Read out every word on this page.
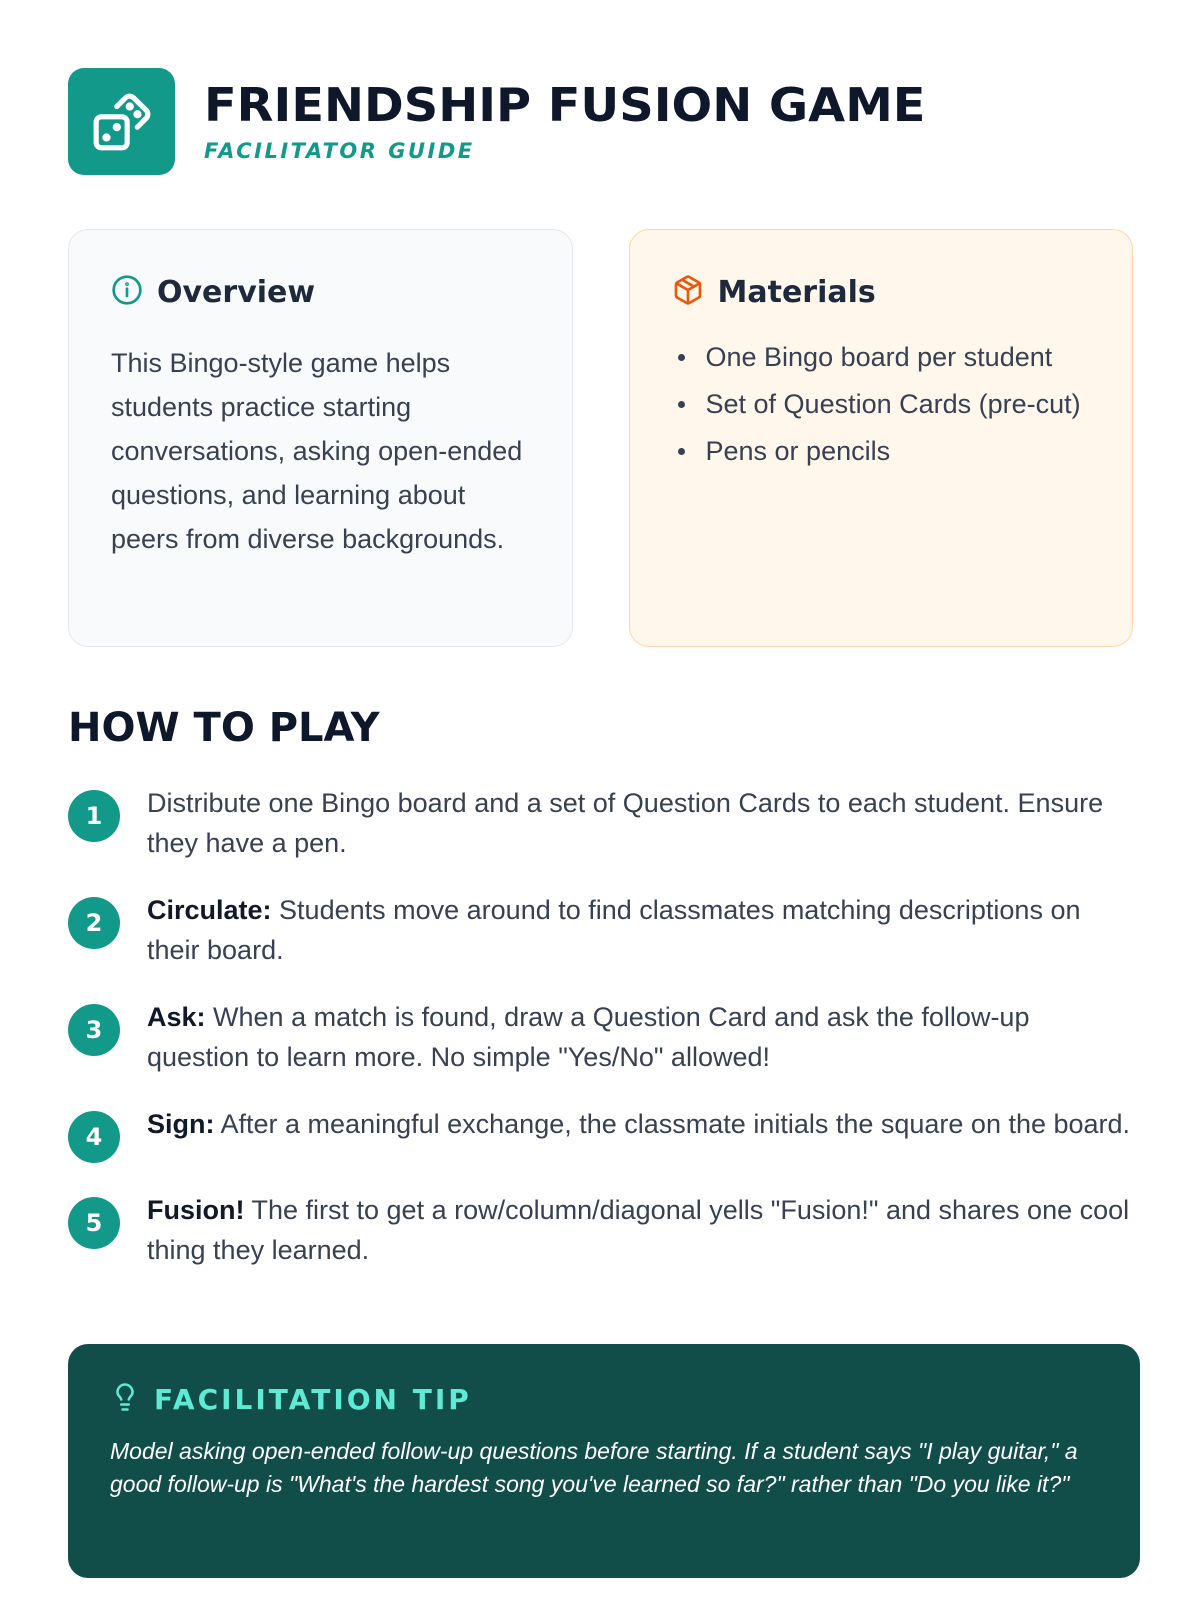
FRIENDSHIP FUSION GAME
FACILITATOR GUIDE
Overview

This Bingo-style game helps students practice starting conversations, asking open-ended questions, and learning about peers from diverse backgrounds.

Materials
One Bingo board per student
Set of Question Cards (pre-cut)
Pens or pencils
HOW TO PLAY
1	Distribute one Bingo board and a set of Question Cards to each student. Ensure they have a pen.
2	Circulate: Students move around to find classmates matching descriptions on their board.
3	Ask: When a match is found, draw a Question Card and ask the follow-up question to learn more. No simple "Yes/No" allowed!
4	Sign: After a meaningful exchange, the classmate initials the square on the board.
5	Fusion! The first to get a row/column/diagonal yells "Fusion!" and shares one cool thing they learned.
FACILITATION TIP

Model asking open-ended follow-up questions before starting. If a student says "I play guitar," a good follow-up is "What's the hardest song you've learned so far?" rather than "Do you like it?"
